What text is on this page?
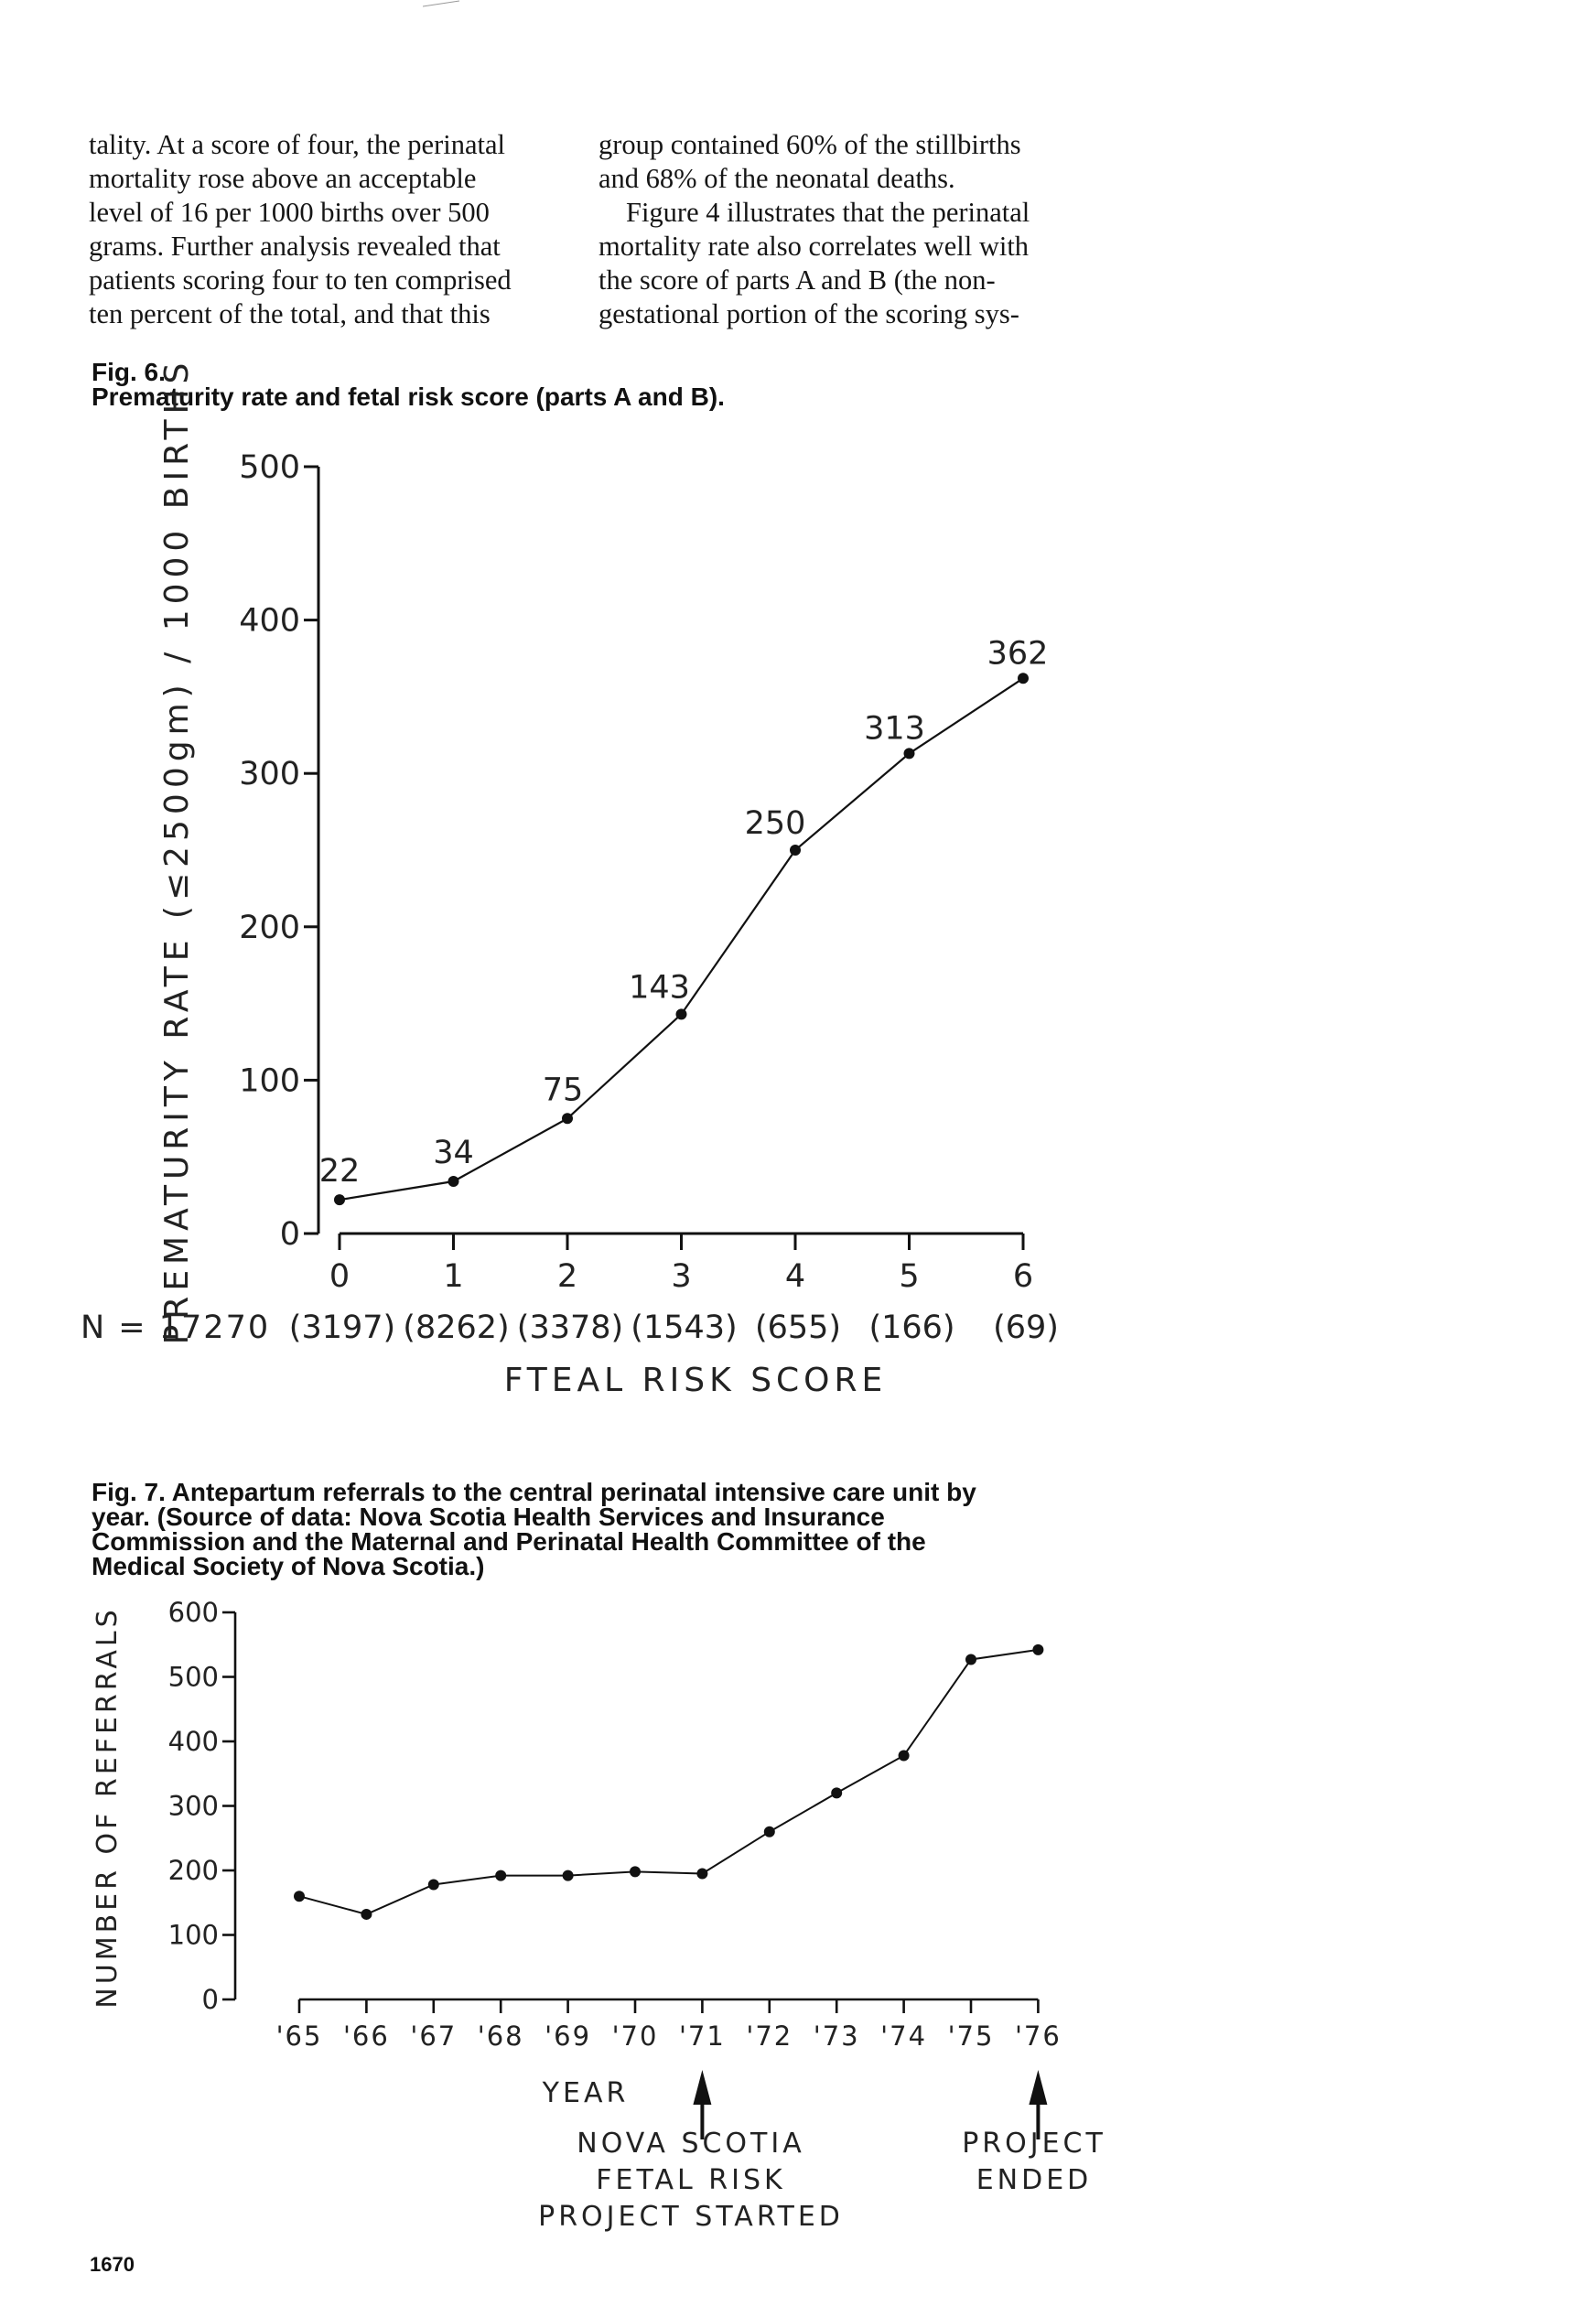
tality. At a score of four, the perinatal

mortality rose above an acceptable

level of 16 per 1000 births over 500

grams. Further analysis revealed that

patients scoring four to ten comprised

ten percent of the total, and that this

group contained 60% of the stillbirths

and 68% of the neonatal deaths.

Figure 4 illustrates that the perinatal

mortality rate also correlates well with

the score of parts A and B (the non-

gestational portion of the scoring sys-

Fig. 6.
Prematurity rate and fetal risk score (parts A and B).
0
100
200
300
400
500
0	1	2	3	4	5	6
PREMATURITY RATE (≤2500gm) / 1000 BIRTHS	22
34
75
143
250
313
362
N = 17270 (3197) (8262) (3378) (1543) (655) (166) (69)
FTEAL RISK SCORE
Fig. 7. Antepartum referrals to the central perinatal intensive care unit by
year. (Source of data: Nova Scotia Health Services and Insurance
Commission and the Maternal and Perinatal Health Committee of the
Medical Society of Nova Scotia.)
0
100
200
300
400
500
600
'65 '66 '67 '68 '69 '70 '71 '72 '73 '74 '75 '76
NUMBER OF REFERRALS
YEAR
NOVA SCOTIA
FETAL RISK
PROJECT STARTED
PROJECT
ENDED
1670
